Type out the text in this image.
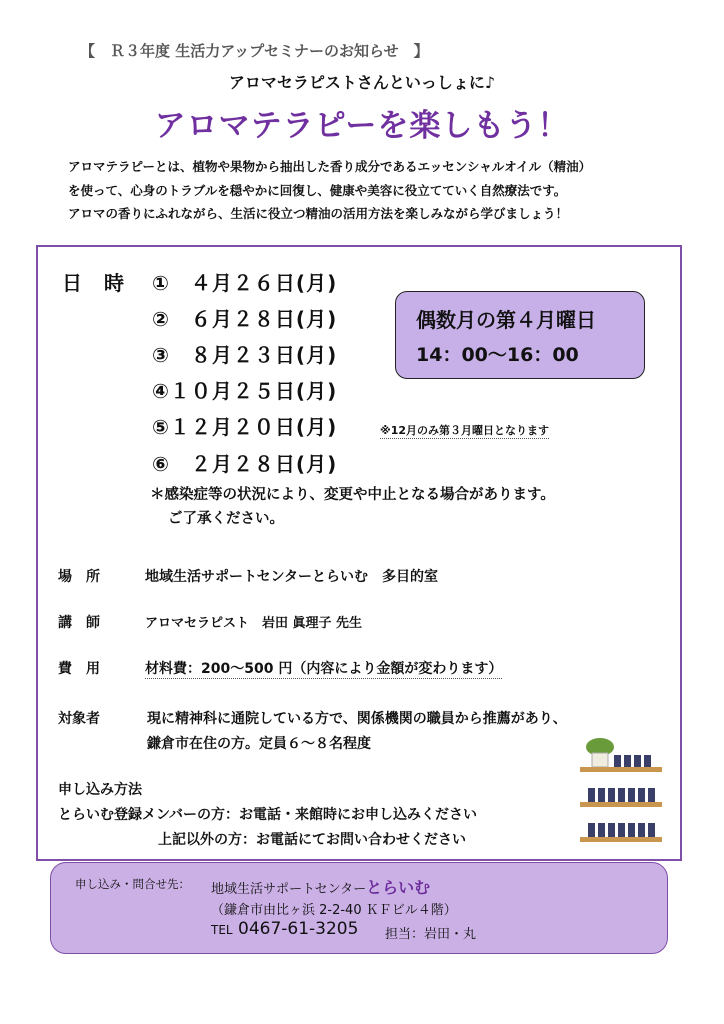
【　Ｒ３年度 生活力アップセミナーのお知らせ　】
アロマセラピストさんといっしょに♪
アロマテラピーを楽しもう！
アロマテラピーとは、植物や果物から抽出した香り成分であるエッセンシャルオイル（精油）
を使って、心身のトラブルを穏やかに回復し、健康や美容に役立てていく自然療法です。
アロマの香りにふれながら、生活に役立つ精油の活用方法を楽しみながら学びましょう！
日　時 ①　４月２６日(月)
②　６月２８日(月)
③　８月２３日(月)
④１０月２５日(月)
⑤１２月２０日(月)
⑥　２月２８日(月)
※12月のみ第３月曜日となります
偶数月の第４月曜日
14：00〜16：00
＊感染症等の状況により、変更や中止となる場合があります。
ご了承ください。
場　所	地域生活サポートセンターとらいむ　多目的室
講　師	アロマセラピスト　岩田 眞理子 先生
費　用	材料費：200〜500 円（内容により金額が変わります）
対象者	現に精神科に通院している方で、関係機関の職員から推薦があり、
鎌倉市在住の方。定員６〜８名程度
申し込み方法
とらいむ登録メンバーの方：お電話・来館時にお申し込みください
上記以外の方：お電話にてお問い合わせください
申し込み・問合せ先： 地域生活サポートセンターとらいむ
（鎌倉市由比ヶ浜 2-2-40 ＫＦビル４階）
TEL 0467-61-3205 担当：岩田・丸
